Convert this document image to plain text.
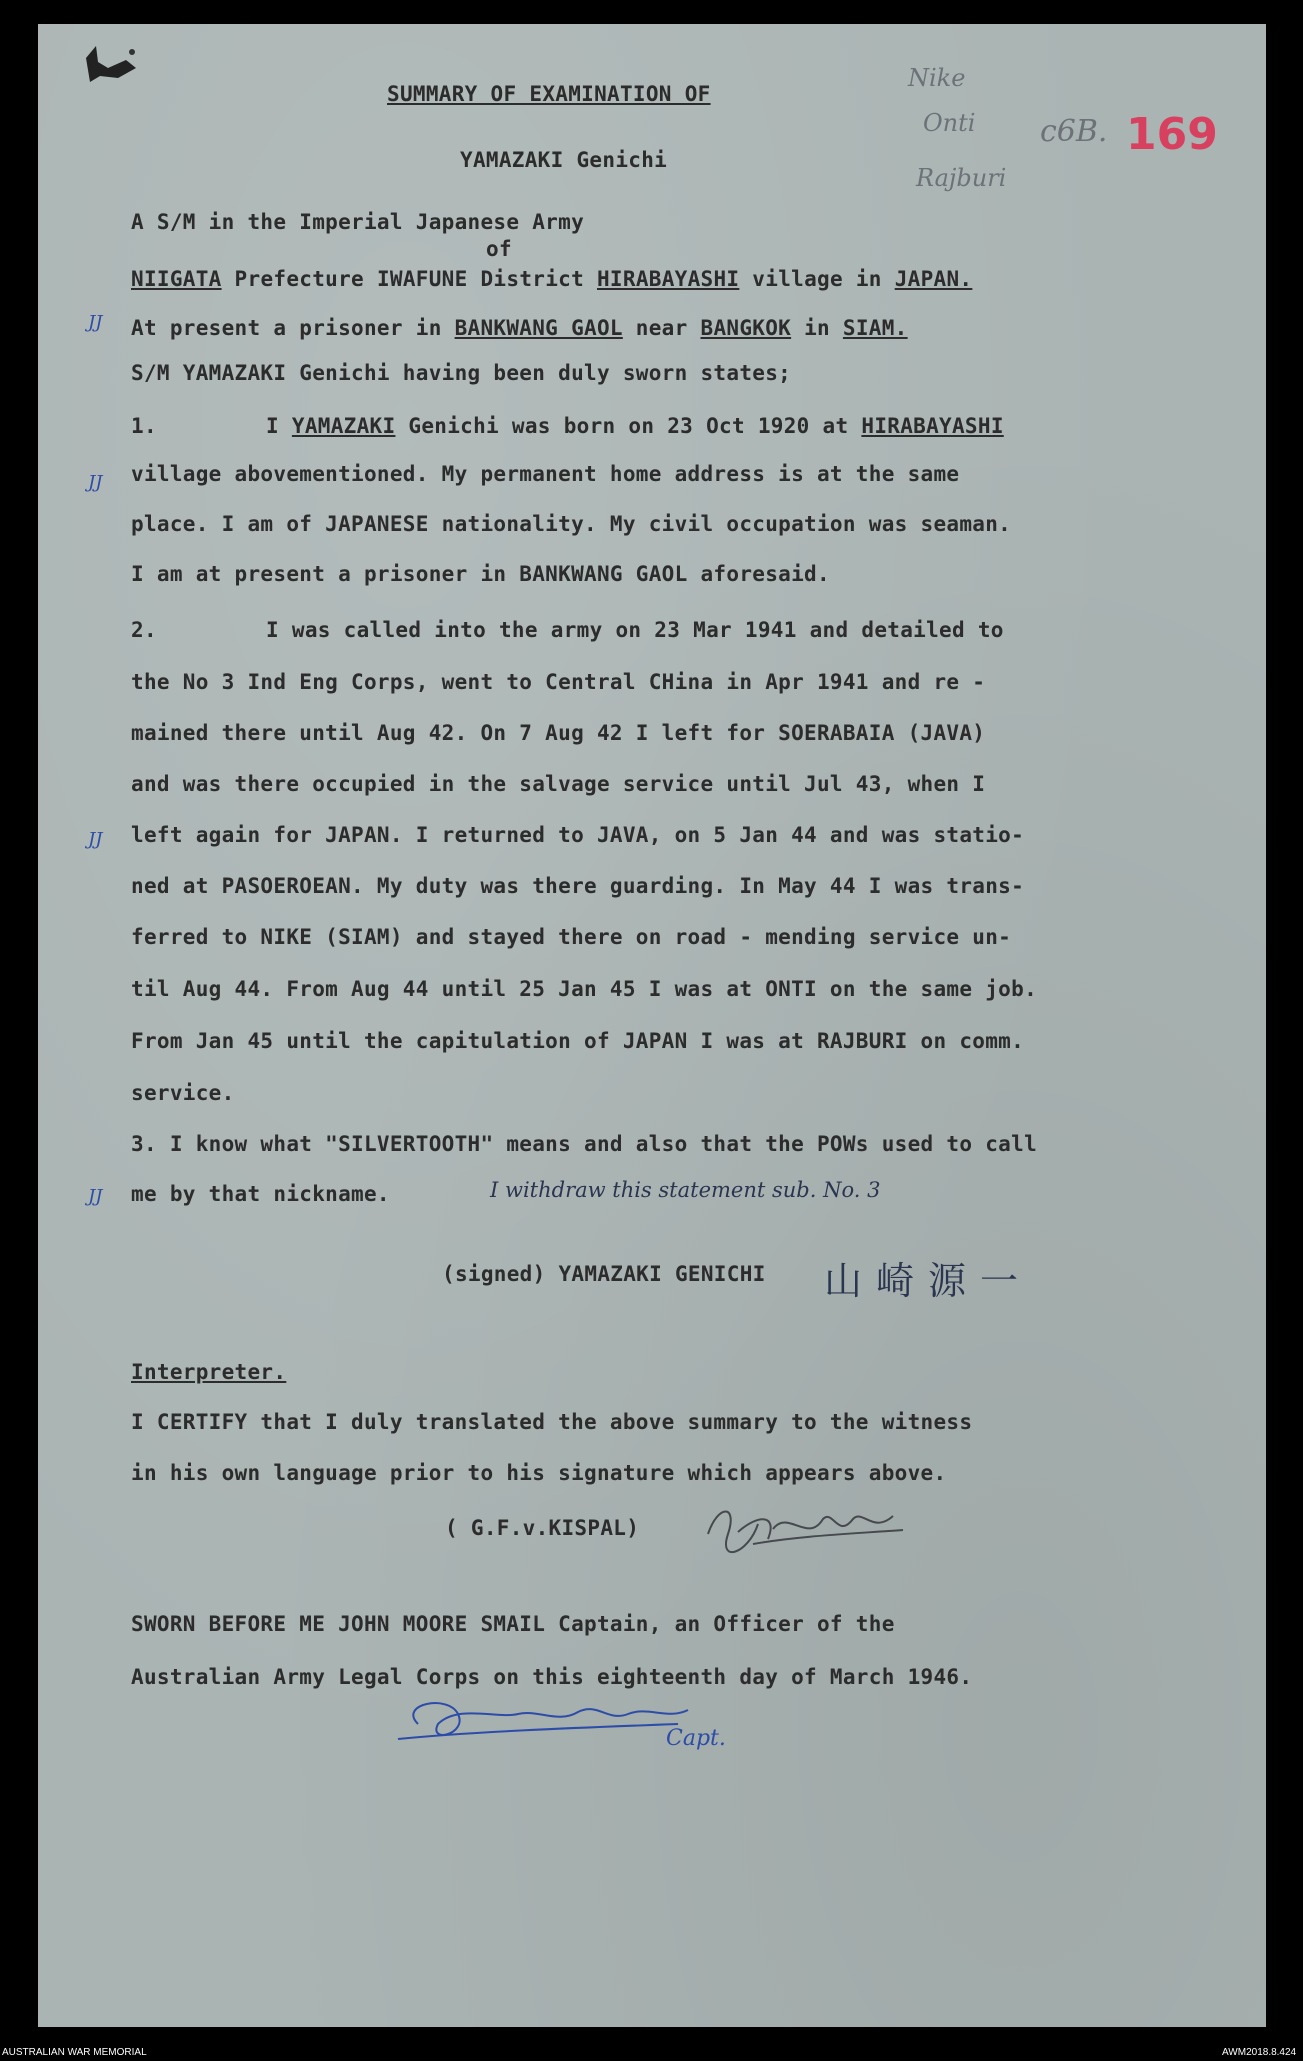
SUMMARY OF EXAMINATION OF
YAMAZAKI Genichi
A S/M in the Imperial Japanese Army
of
NIIGATA Prefecture IWAFUNE District HIRABAYASHI village in JAPAN.
At present a prisoner in BANKWANG GAOL near BANGKOK in SIAM.
S/M YAMAZAKI Genichi having been duly sworn states;
1.	I YAMAZAKI Genichi was born on 23 Oct 1920 at HIRABAYASHI
village abovementioned. My permanent home address is at the same
place. I am of JAPANESE nationality. My civil occupation was seaman.
I am at present a prisoner in BANKWANG GAOL aforesaid.
2.	I was called into the army on 23 Mar 1941 and detailed to
the No 3 Ind Eng Corps, went to Central CHina in Apr 1941 and re -
mained there until Aug 42. On 7 Aug 42 I left for SOERABAIA (JAVA)
and was there occupied in the salvage service until Jul 43, when I
left again for JAPAN. I returned to JAVA, on 5 Jan 44 and was statio-
ned at PASOEROEAN. My duty was there guarding. In May 44 I was trans-
ferred to NIKE (SIAM) and stayed there on road - mending service un-
til Aug 44. From Aug 44 until 25 Jan 45 I was at ONTI on the same job.
From Jan 45 until the capitulation of JAPAN I was at RAJBURI on comm.
service.
3. I know what "SILVERTOOTH" means and also that the POWs used to call
me by that nickname.	I withdraw this statement sub. No. 3
(signed) YAMAZAKI GENICHI 山崎源一
Interpreter.
I CERTIFY that I duly translated the above summary to the witness
in his own language prior to his signature which appears above.
( G.F.v.KISPAL)
SWORN BEFORE ME JOHN MOORE SMAIL Captain, an Officer of the
Australian Army Legal Corps on this eighteenth day of March 1946.
Capt.
Nike
Onti
Rajburi
c6B. 169
JJ
JJ
JJ
JJ
AUSTRALIAN WAR MEMORIAL	AWM2018.8.424
